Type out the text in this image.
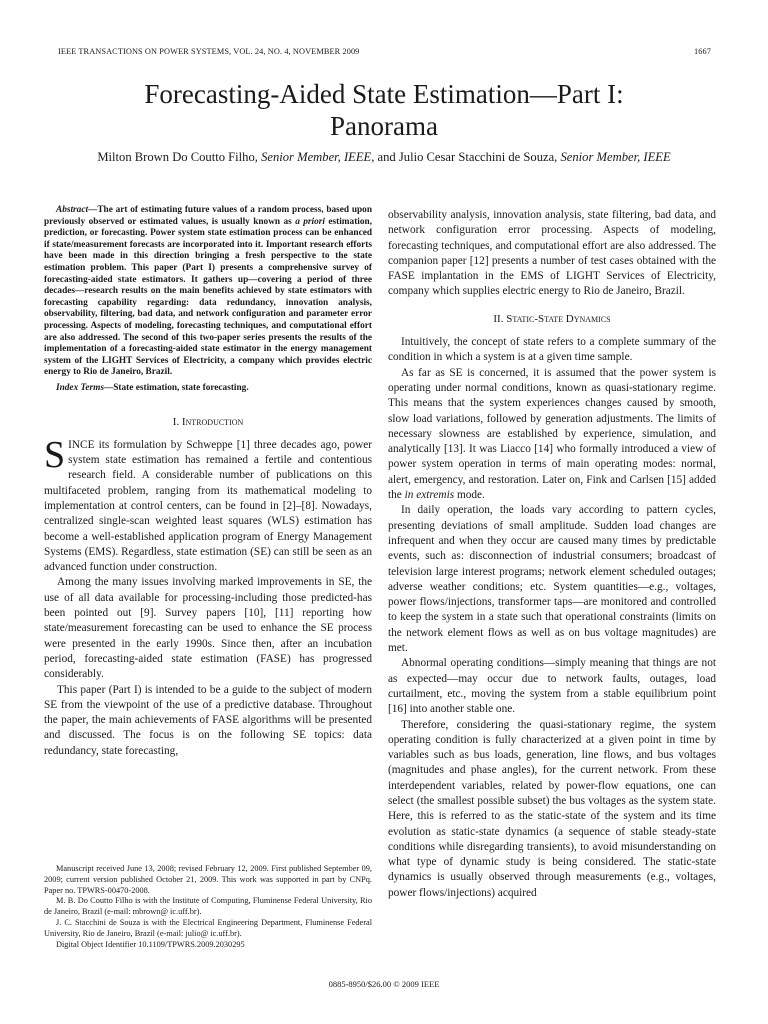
IEEE TRANSACTIONS ON POWER SYSTEMS, VOL. 24, NO. 4, NOVEMBER 2009	1667
Forecasting-Aided State Estimation—Part I:
Panorama
Milton Brown Do Coutto Filho, Senior Member, IEEE, and Julio Cesar Stacchini de Souza, Senior Member, IEEE

Abstract—The art of estimating future values of a random process, based upon previously observed or estimated values, is usually known as a priori estimation, prediction, or forecasting. Power system state estimation process can be enhanced if state/measurement forecasts are incorporated into it. Important research efforts have been made in this direction bringing a fresh perspective to the state estimation problem. This paper (Part I) presents a comprehensive survey of forecasting-aided state estimators. It gathers up—covering a period of three decades—research results on the main benefits achieved by state estimators with forecasting capability regarding: data redundancy, innovation analysis, observability, filtering, bad data, and network configuration and parameter error processing. Aspects of modeling, forecasting techniques, and computational effort are also addressed. The second of this two-paper series presents the results of the implementation of a forecasting-aided state estimator in the energy management system of the LIGHT Services of Electricity, a company which provides electric energy to Rio de Janeiro, Brazil.

Index Terms—State estimation, state forecasting.

I. Introduction

SINCE its formulation by Schweppe [1] three decades ago, power system state estimation has remained a fertile and contentious research field. A considerable number of publications on this multifaceted problem, ranging from its mathematical modeling to implementation at control centers, can be found in [2]–[8]. Nowadays, centralized single-scan weighted least squares (WLS) estimation has become a well-established application program of Energy Management Systems (EMS). Regardless, state estimation (SE) can still be seen as an advanced function under construction.

Among the many issues involving marked improvements in SE, the use of all data available for processing-including those predicted-has been pointed out [9]. Survey papers [10], [11] reporting how state/measurement forecasting can be used to enhance the SE process were presented in the early 1990s. Since then, after an incubation period, forecasting-aided state estimation (FASE) has progressed considerably.

This paper (Part I) is intended to be a guide to the subject of modern SE from the viewpoint of the use of a predictive database. Throughout the paper, the main achievements of FASE algorithms will be presented and discussed. The focus is on the following SE topics: data redundancy, state forecasting,

observability analysis, innovation analysis, state filtering, bad data, and network configuration error processing. Aspects of modeling, forecasting techniques, and computational effort are also addressed. The companion paper [12] presents a number of test cases obtained with the FASE implantation in the EMS of LIGHT Services of Electricity, company which supplies electric energy to Rio de Janeiro, Brazil.

II. Static-State Dynamics

Intuitively, the concept of state refers to a complete summary of the condition in which a system is at a given time sample.

As far as SE is concerned, it is assumed that the power system is operating under normal conditions, known as quasi-stationary regime. This means that the system experiences changes caused by smooth, slow load variations, followed by generation adjustments. The limits of necessary slowness are established by experience, simulation, and analytically [13]. It was Liacco [14] who formally introduced a view of power system operation in terms of main operating modes: normal, alert, emergency, and restoration. Later on, Fink and Carlsen [15] added the in extremis mode.

In daily operation, the loads vary according to pattern cycles, presenting deviations of small amplitude. Sudden load changes are infrequent and when they occur are caused many times by predictable events, such as: disconnection of industrial consumers; broadcast of television large interest programs; network element scheduled outages; adverse weather conditions; etc. System quantities—e.g., voltages, power flows/injections, transformer taps—are monitored and controlled to keep the system in a state such that operational constraints (limits on the network element flows as well as on bus voltage magnitudes) are met.

Abnormal operating conditions—simply meaning that things are not as expected—may occur due to network faults, outages, load curtailment, etc., moving the system from a stable equilibrium point [16] into another stable one.

Therefore, considering the quasi-stationary regime, the system operating condition is fully characterized at a given point in time by variables such as bus loads, generation, line flows, and bus voltages (magnitudes and phase angles), for the current network. From these interdependent variables, related by power-flow equations, one can select (the smallest possible subset) the bus voltages as the system state. Here, this is referred to as the static-state of the system and its time evolution as static-state dynamics (a sequence of stable steady-state conditions while disregarding transients), to avoid misunderstanding on what type of dynamic study is being considered. The static-state dynamics is usually observed through measurements (e.g., voltages, power flows/injections) acquired

Manuscript received June 13, 2008; revised February 12, 2009. First published September 09, 2009; current version published October 21, 2009. This work was supported in part by CNPq. Paper no. TPWRS-00470-2008.

M. B. Do Coutto Filho is with the Institute of Computing, Fluminense Federal University, Rio de Janeiro, Brazil (e-mail: mbrown@ ic.uff.br).

J. C. Stacchini de Souza is with the Electrical Engineering Department, Fluminense Federal University, Rio de Janeiro, Brazil (e-mail: julio@ ic.uff.br).

Digital Object Identifier 10.1109/TPWRS.2009.2030295

0885-8950/$26.00 © 2009 IEEE
